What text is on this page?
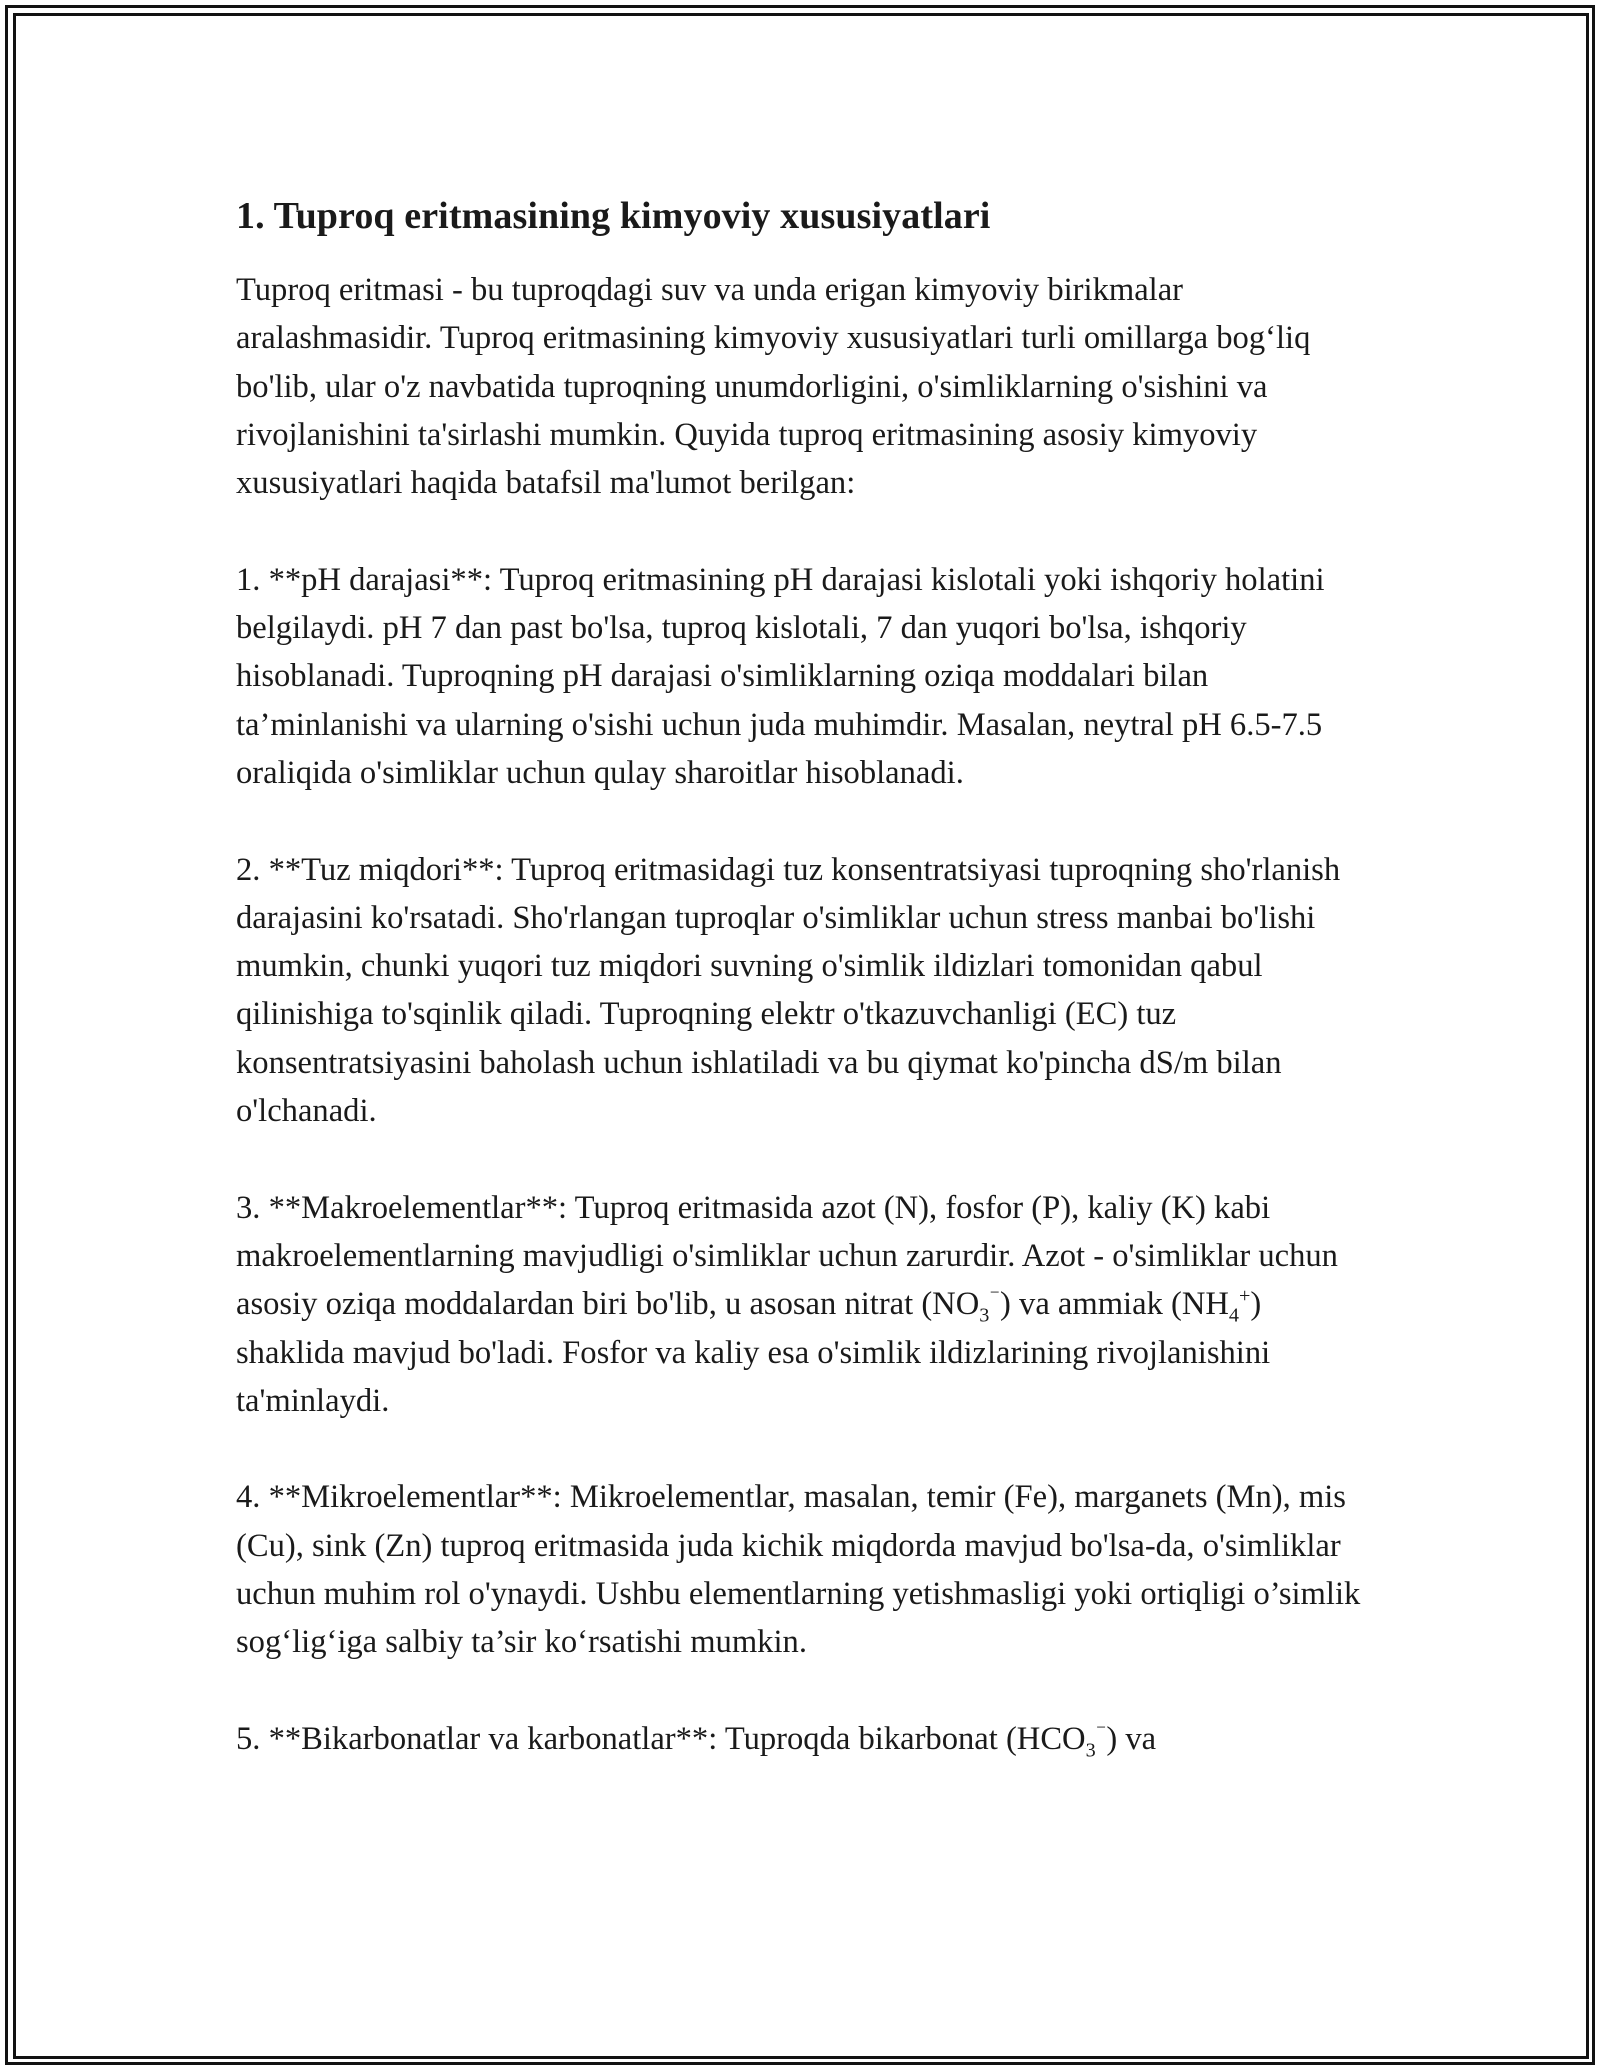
1. Tuproq eritmasining kimyoviy xususiyatlari

Tuproq eritmasi - bu tuproqdagi suv va unda erigan kimyoviy birikmalar aralashmasidir. Tuproq eritmasining kimyoviy xususiyatlari turli omillarga bog‘liq bo'lib, ular o'z navbatida tuproqning unumdorligini, o'simliklarning o'sishini va rivojlanishini ta'sirlashi mumkin. Quyida tuproq eritmasining asosiy kimyoviy xususiyatlari haqida batafsil ma'lumot berilgan:

1. **pH darajasi**: Tuproq eritmasining pH darajasi kislotali yoki ishqoriy holatini belgilaydi. pH 7 dan past bo'lsa, tuproq kislotali, 7 dan yuqori bo'lsa, ishqoriy hisoblanadi. Tuproqning pH darajasi o'simliklarning oziqa moddalari bilan ta’minlanishi va ularning o'sishi uchun juda muhimdir. Masalan, neytral pH 6.5-7.5 oraliqida o'simliklar uchun qulay sharoitlar hisoblanadi.

2. **Tuz miqdori**: Tuproq eritmasidagi tuz konsentratsiyasi tuproqning sho'rlanish darajasini ko'rsatadi. Sho'rlangan tuproqlar o'simliklar uchun stress manbai bo'lishi mumkin, chunki yuqori tuz miqdori suvning o'simlik ildizlari tomonidan qabul qilinishiga to'sqinlik qiladi. Tuproqning elektr o'tkazuvchanligi (EC) tuz konsentratsiyasini baholash uchun ishlatiladi va bu qiymat ko'pincha dS/m bilan o'lchanadi.

3. **Makroelementlar**: Tuproq eritmasida azot (N), fosfor (P), kaliy (K) kabi makroelementlarning mavjudligi o'simliklar uchun zarurdir. Azot - o'simliklar uchun asosiy oziqa moddalardan biri bo'lib, u asosan nitrat $(NO_3^{^-})$ va ammiak $(NH_4^+)$ shaklida mavjud bo'ladi. Fosfor va kaliy esa o'simlik ildizlarining rivojlanishini ta'minlaydi.

4. **Mikroelementlar**: Mikroelementlar, masalan, temir (Fe), marganets (Mn), mis (Cu), sink (Zn) tuproq eritmasida juda kichik miqdorda mavjud bo'lsa-da, o'simliklar uchun muhim rol o'ynaydi. Ushbu elementlarning yetishmasligi yoki ortiqligi o’simlik sog‘lig‘iga salbiy ta’sir ko‘rsatishi mumkin.

5. **Bikarbonatlar va karbonatlar**: Tuproqda bikarbonat $(HCO_3^{^-})$ va
